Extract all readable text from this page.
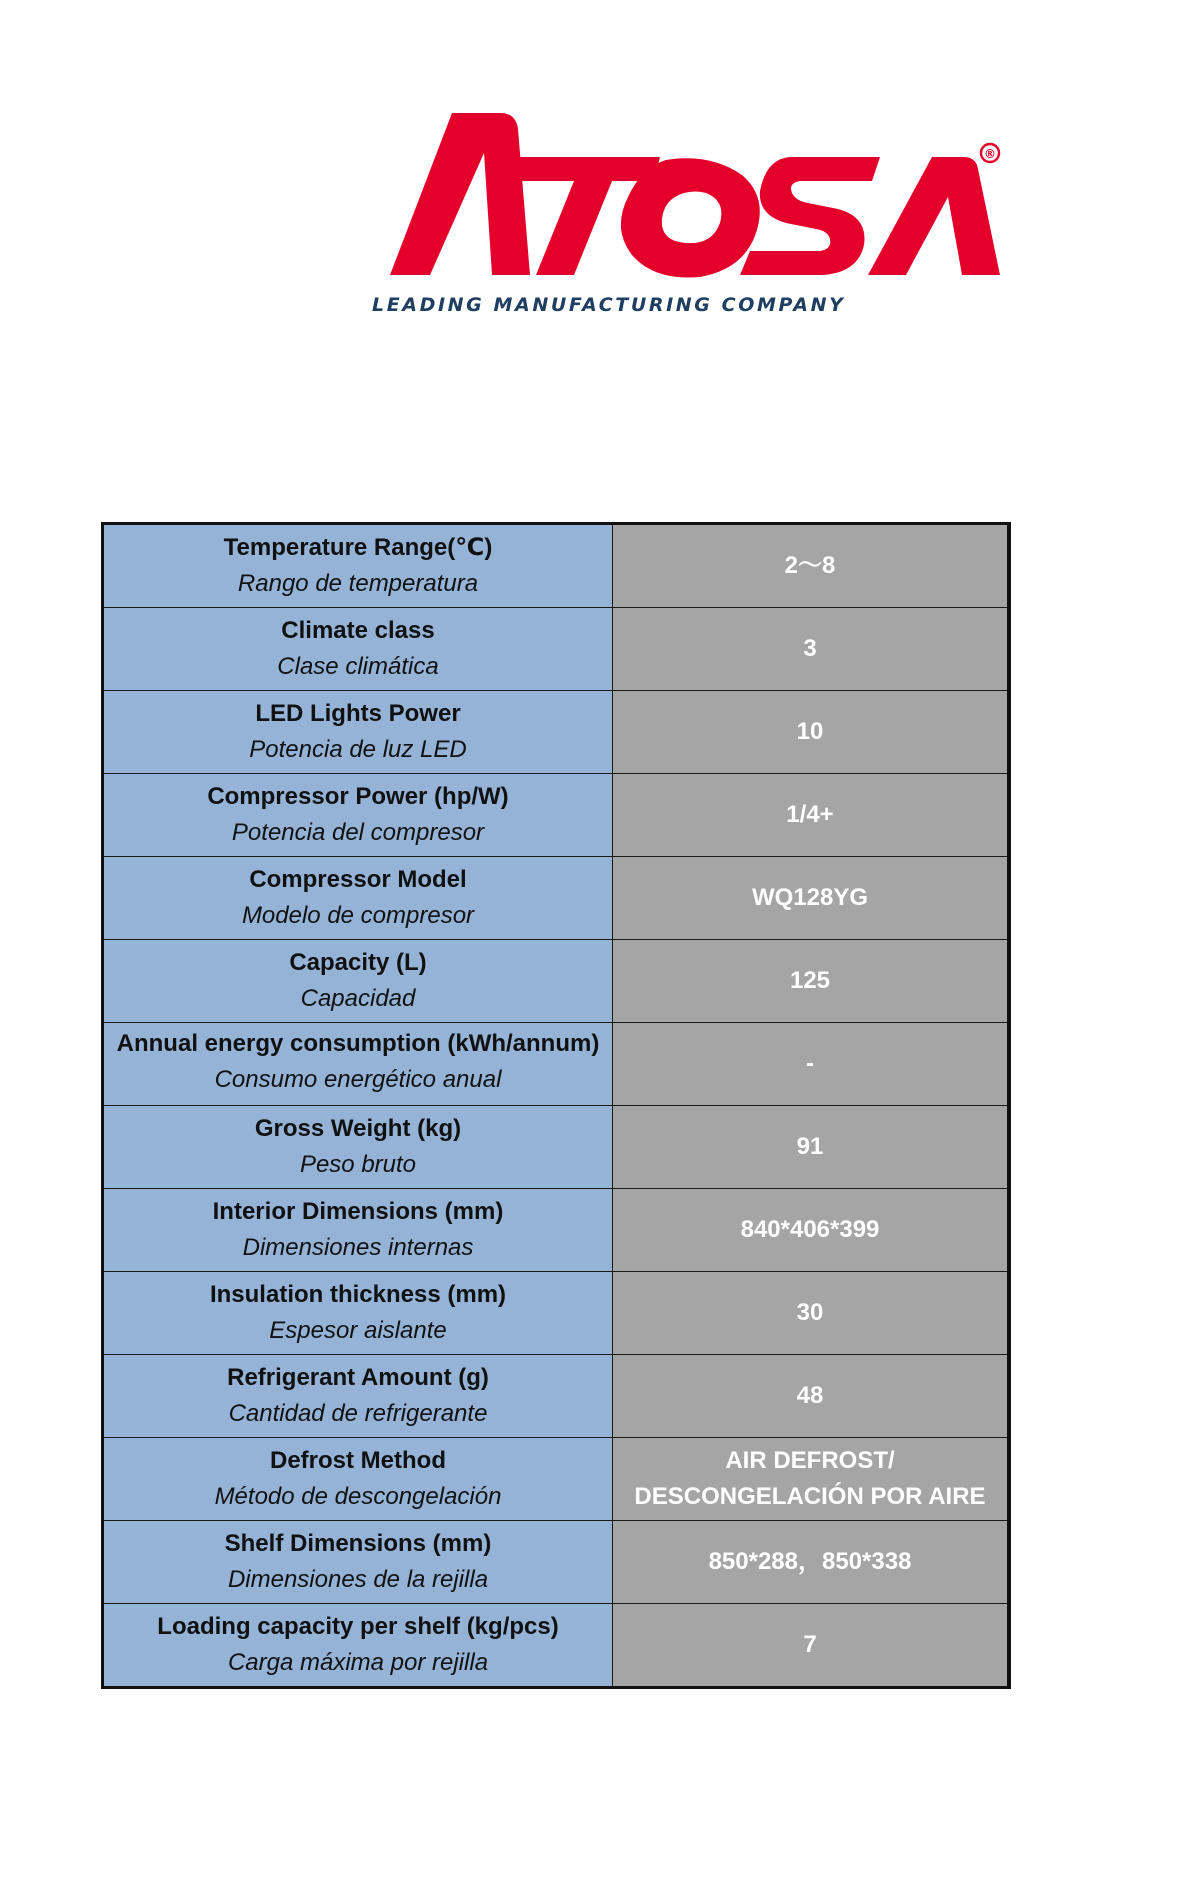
®
LEADING MANUFACTURING COMPANY
Temperature Range(℃)
Rango de temperatura	2～8

Climate class
Clase climática	3

LED Lights Power
Potencia de luz LED	10

Compressor Power (hp/W)
Potencia del compresor	1/4+

Compressor Model
Modelo de compresor	WQ128YG

Capacity (L)
Capacidad	125

Annual energy consumption (kWh/annum)
Consumo energético anual	-

Gross Weight (kg)
Peso bruto	91

Interior Dimensions (mm)
Dimensiones internas	840*406*399

Insulation thickness (mm)
Espesor aislante	30

Refrigerant Amount (g)
Cantidad de refrigerante	48

Defrost Method
Método de descongelación	AIR DEFROST/ DESCONGELACIÓN POR AIRE

Shelf Dimensions (mm)
Dimensiones de la rejilla	850*288，850*338

Loading capacity per shelf (kg/pcs)
Carga máxima por rejilla	7
